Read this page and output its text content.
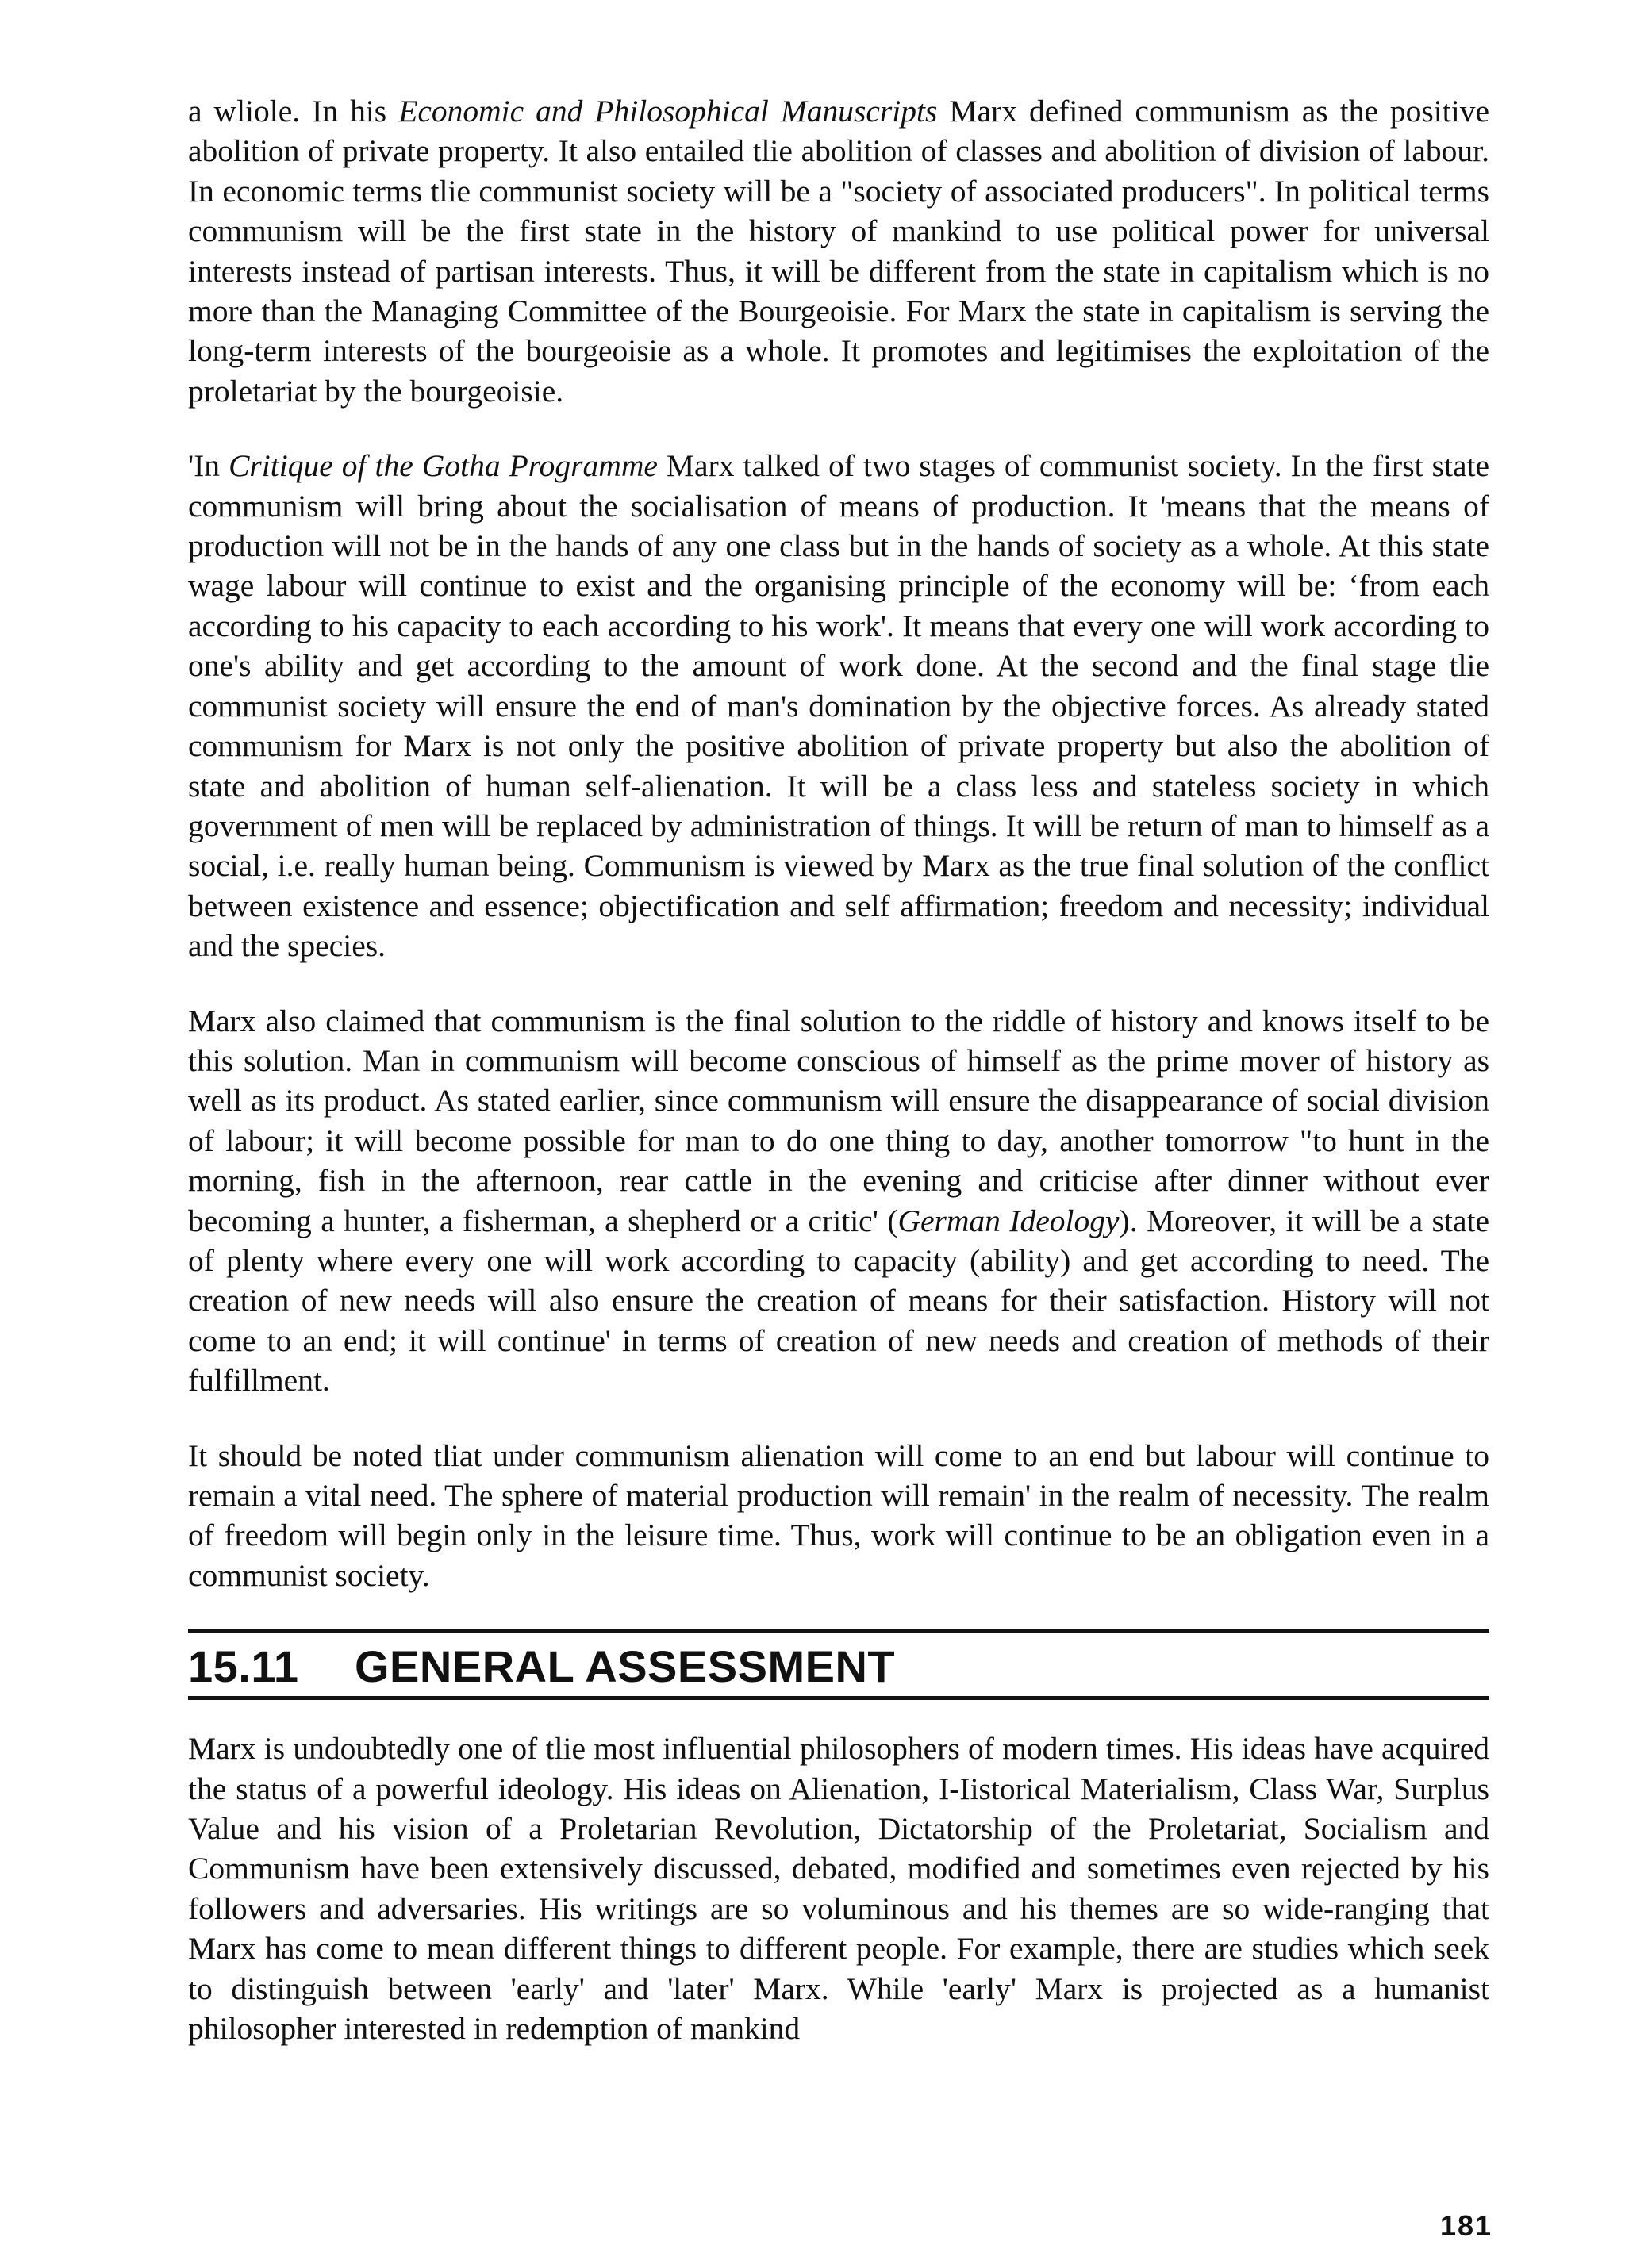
a wliole. In his Economic and Philosophical Manuscripts Marx defined communism as the positive abolition of private property. It also entailed tlie abolition of classes and abolition of division of labour. In economic terms tlie communist society will be a "society of associated producers". In political terms communism will be the first state in the history of mankind to use political power for universal interests instead of partisan interests. Thus, it will be different from the state in capitalism which is no more than the Managing Committee of the Bourgeoisie. For Marx the state in capitalism is serving the long-term interests of the bourgeoisie as a whole. It promotes and legitimises the exploitation of the proletariat by the bourgeoisie.

'In Critique of the Gotha Programme Marx talked of two stages of communist society. In the first state communism will bring about the socialisation of means of production. It 'means that the means of production will not be in the hands of any one class but in the hands of society as a whole. At this state wage labour will continue to exist and the organising principle of the economy will be: ‘from each according to his capacity to each according to his work'. It means that every one will work according to one's ability and get according to the amount of work done. At the second and the final stage tlie communist society will ensure the end of man's domination by the objective forces. As already stated communism for Marx is not only the positive abolition of private property but also the abolition of state and abolition of human self-alienation. It will be a class less and stateless society in which government of men will be replaced by administration of things. It will be return of man to himself as a social, i.e. really human being. Communism is viewed by Marx as the true final solution of the conflict between existence and essence; objectification and self affirmation; freedom and necessity; individual and the species.

Marx also claimed that communism is the final solution to the riddle of history and knows itself to be this solution. Man in communism will become conscious of himself as the prime mover of history as well as its product. As stated earlier, since communism will ensure the disappearance of social division of labour; it will become possible for man to do one thing to day, another tomorrow "to hunt in the morning, fish in the afternoon, rear cattle in the evening and criticise after dinner without ever becoming a hunter, a fisherman, a shepherd or a critic' (German Ideology). Moreover, it will be a state of plenty where every one will work according to capacity (ability) and get according to need. The creation of new needs will also ensure the creation of means for their satisfaction. History will not come to an end; it will continue' in terms of creation of new needs and creation of methods of their fulfillment.

It should be noted tliat under communism alienation will come to an end but labour will continue to remain a vital need. The sphere of material production will remain' in the realm of necessity. The realm of freedom will begin only in the leisure time. Thus, work will continue to be an obligation even in a communist society.

15.11	GENERAL ASSESSMENT

Marx is undoubtedly one of tlie most influential philosophers of modern times. His ideas have acquired the status of a powerful ideology. His ideas on Alienation, I-Iistorical Materialism, Class War, Surplus Value and his vision of a Proletarian Revolution, Dictatorship of the Proletariat, Socialism and Communism have been extensively discussed, debated, modified and sometimes even rejected by his followers and adversaries. His writings are so voluminous and his themes are so wide-ranging that Marx has come to mean different things to different people. For example, there are studies which seek to distinguish between 'early' and 'later' Marx. While 'early' Marx is projected as a humanist philosopher interested in redemption of mankind

181
